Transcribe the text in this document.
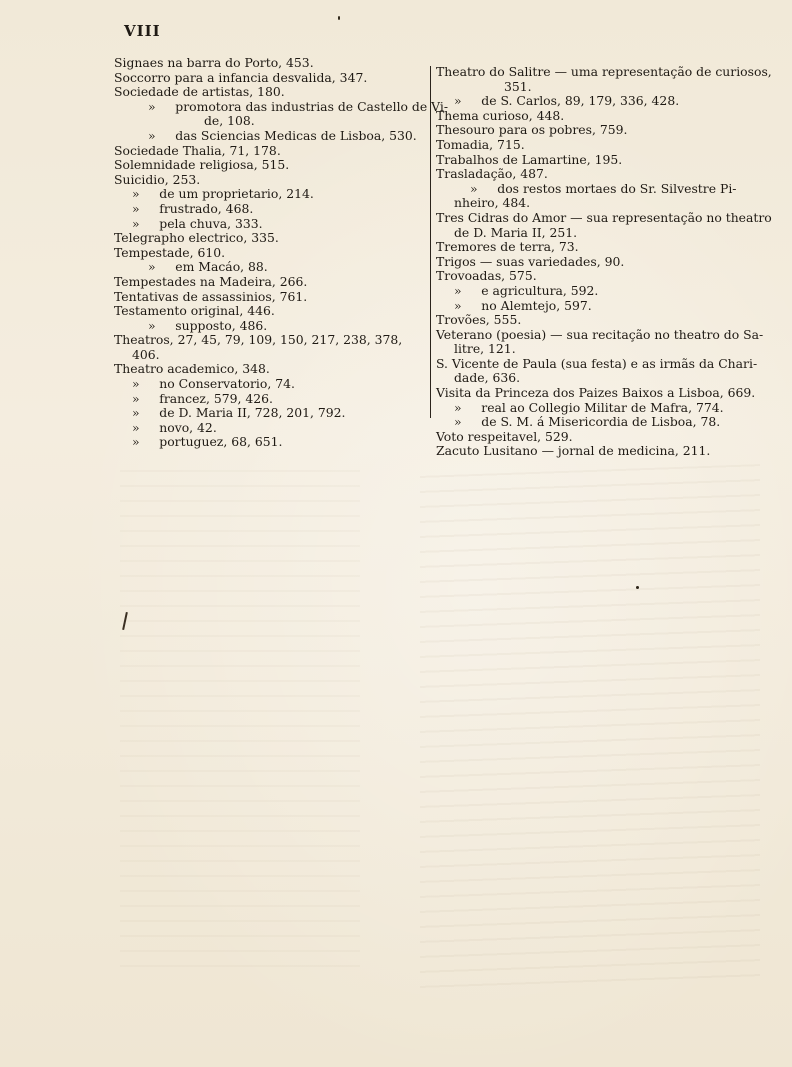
VIII
Signaes na barra do Porto, 453.
Soccorro para a infancia desvalida, 347.
Sociedade de artistas, 180.
»     promotora das industrias de Castello de Vi-
de, 108.
»     das Sciencias Medicas de Lisboa, 530.
Sociedade Thalia, 71, 178.
Solemnidade religiosa, 515.
Suicidio, 253.
»     de um proprietario, 214.
»     frustrado, 468.
»     pela chuva, 333.
Telegrapho electrico, 335.
Tempestade, 610.
»     em Macáo, 88.
Tempestades na Madeira, 266.
Tentativas de assassinios, 761.
Testamento original, 446.
»     supposto, 486.
Theatros, 27, 45, 79, 109, 150, 217, 238, 378,
406.
Theatro academico, 348.
»     no Conservatorio, 74.
»     francez, 579, 426.
»     de D. Maria II, 728, 201, 792.
»     novo, 42.
»     portuguez, 68, 651.
Theatro do Salitre — uma representação de curiosos,
351.
»     de S. Carlos, 89, 179, 336, 428.
Thema curioso, 448.
Thesouro para os pobres, 759.
Tomadia, 715.
Trabalhos de Lamartine, 195.
Trasladação, 487.
»     dos restos mortaes do Sr. Silvestre Pi-
nheiro, 484.
Tres Cidras do Amor — sua representação no theatro
de D. Maria II, 251.
Tremores de terra, 73.
Trigos — suas variedades, 90.
Trovoadas, 575.
»     e agricultura, 592.
»     no Alemtejo, 597.
Trovões, 555.
Veterano (poesia) — sua recitação no theatro do Sa-
litre, 121.
S. Vicente de Paula (sua festa) e as irmãs da Chari-
dade, 636.
Visita da Princeza dos Paizes Baixos a Lisboa, 669.
»     real ao Collegio Militar de Mafra, 774.
»     de S. M. á Misericordia de Lisboa, 78.
Voto respeitavel, 529.
Zacuto Lusitano — jornal de medicina, 211.
